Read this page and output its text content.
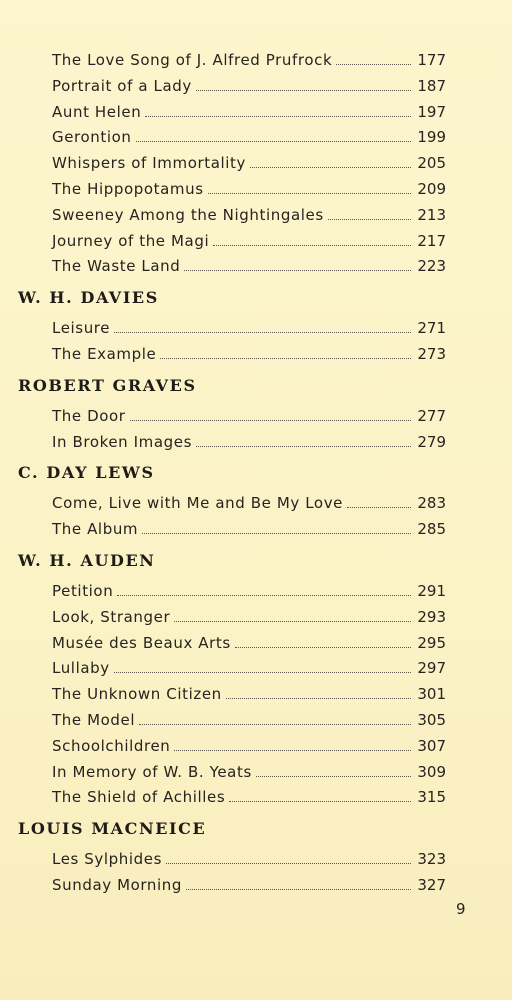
The Love Song of J. Alfred Prufrock	177
Portrait of a Lady	187
Aunt Helen	197
Gerontion	199
Whispers of Immortality	205
The Hippopotamus	209
Sweeney Among the Nightingales	213
Journey of the Magi	217
The Waste Land	223
W. H. DAVIES
Leisure	271
The Example	273
ROBERT GRAVES
The Door	277
In Broken Images	279
C. DAY LEWS
Come, Live with Me and Be My Love	283
The Album	285
W. H. AUDEN
Petition	291
Look, Stranger	293
Musée des Beaux Arts	295
Lullaby	297
The Unknown Citizen	301
The Model	305
Schoolchildren	307
In Memory of W. B. Yeats	309
The Shield of Achilles	315
LOUIS MACNEICE
Les Sylphides	323
Sunday Morning	327
9
